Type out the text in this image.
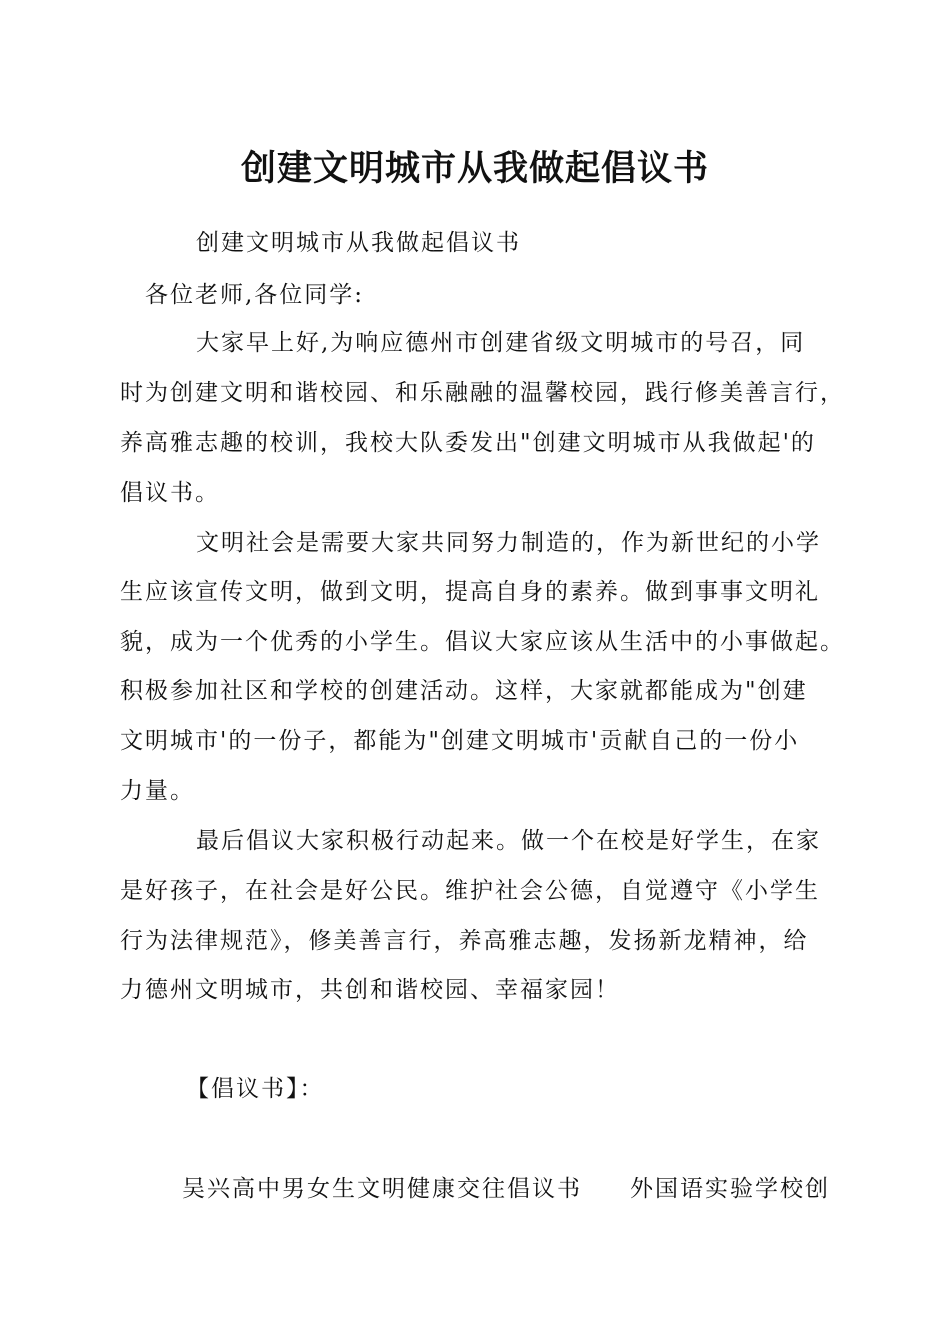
创建文明城市从我做起倡议书
创建文明城市从我做起倡议书
各位老师,各位同学:
大家早上好,为响应德州市创建省级文明城市的号召，同
时为创建文明和谐校园、和乐融融的温馨校园，践行修美善言行，
养高雅志趣的校训，我校大队委发出"创建文明城市从我做起'的
倡议书。
文明社会是需要大家共同努力制造的，作为新世纪的小学
生应该宣传文明，做到文明，提高自身的素养。做到事事文明礼
貌，成为一个优秀的小学生。倡议大家应该从生活中的小事做起。
积极参加社区和学校的创建活动。这样，大家就都能成为"创建
文明城市'的一份子，都能为"创建文明城市'贡献自己的一份小
力量。
最后倡议大家积极行动起来。做一个在校是好学生，在家
是好孩子，在社会是好公民。维护社会公德，自觉遵守《小学生
行为法律规范》，修美善言行，养高雅志趣，发扬新龙精神，给
力德州文明城市，共创和谐校园、幸福家园！
【倡议书】：
吴兴高中男女生文明健康交往倡议书 外国语实验学校创
